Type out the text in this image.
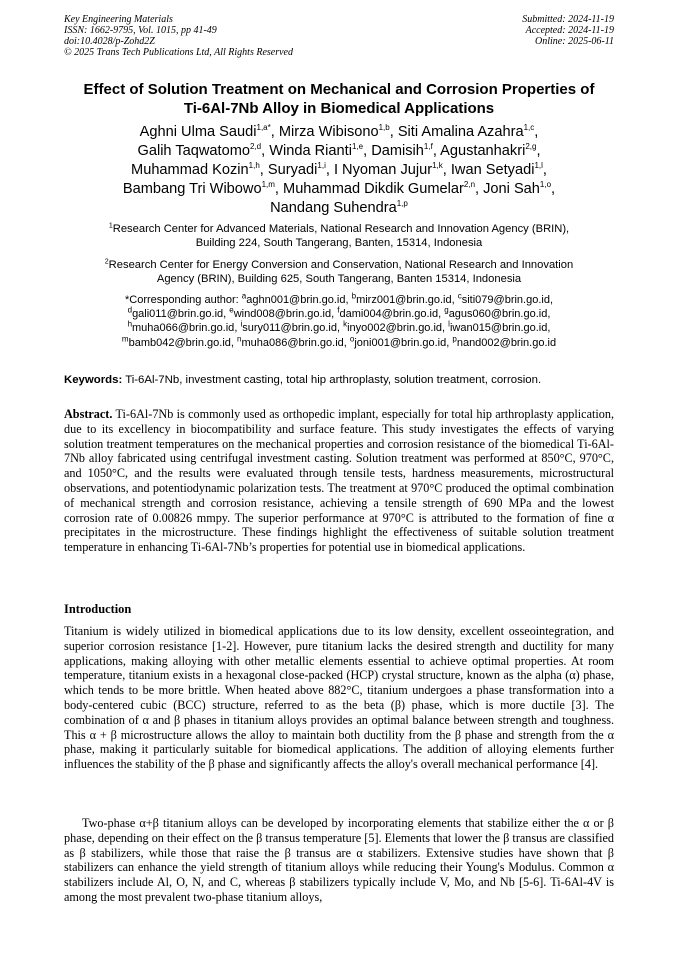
Key Engineering Materials
ISSN: 1662-9795, Vol. 1015, pp 41-49
doi:10.4028/p-Zohd2Z
© 2025 Trans Tech Publications Ltd, All Rights Reserved
Submitted: 2024-11-19
Accepted: 2024-11-19
Online: 2025-06-11
Effect of Solution Treatment on Mechanical and Corrosion Properties of
Ti-6Al-7Nb Alloy in Biomedical Applications
Aghni Ulma Saudi$^{1,a*}$, Mirza Wibisono$^{1,b}$, Siti Amalina Azahra$^{1,c}$,
Galih Taqwatomo$^{2,d}$, Winda Rianti$^{1,e}$, Damisih$^{1,f}$, Agustanhakri$^{2,g}$,
Muhammad Kozin$^{1,h}$, Suryadi$^{1,i}$, I Nyoman Jujur$^{1,k}$, Iwan Setyadi$^{1,l}$,
Bambang Tri Wibowo$^{1,m}$, Muhammad Dikdik Gumelar$^{2,n}$, Joni Sah$^{1,o}$,
Nandang Suhendra$^{1,p}$
$^1$Research Center for Advanced Materials, National Research and Innovation Agency (BRIN),
Building 224, South Tangerang, Banten, 15314, Indonesia
$^2$Research Center for Energy Conversion and Conservation, National Research and Innovation
Agency (BRIN), Building 625, South Tangerang, Banten 15314, Indonesia
*Corresponding author: $^a$aghn001@brin.go.id, $^b$mirz001@brin.go.id, $^c$siti079@brin.go.id,
$^d$gali011@brin.go.id, $^e$wind008@brin.go.id, $^f$dami004@brin.go.id, $^g$agus060@brin.go.id,
$^h$muha066@brin.go.id, $^i$sury011@brin.go.id, $^k$inyo002@brin.go.id, $^l$iwan015@brin.go.id,
$^m$bamb042@brin.go.id, $^n$muha086@brin.go.id, $^o$joni001@brin.go.id, $^p$nand002@brin.go.id
Keywords: Ti-6Al-7Nb, investment casting, total hip arthroplasty, solution treatment, corrosion.
Abstract. Ti-6Al-7Nb is commonly used as orthopedic implant, especially for total hip arthroplasty application, due to its excellency in biocompatibility and surface feature. This study investigates the effects of varying solution treatment temperatures on the mechanical properties and corrosion resistance of the biomedical Ti-6Al-7Nb alloy fabricated using centrifugal investment casting. Solution treatment was performed at 850°C, 970°C, and 1050°C, and the results were evaluated through tensile tests, hardness measurements, microstructural observations, and potentiodynamic polarization tests. The treatment at 970°C produced the optimal combination of mechanical strength and corrosion resistance, achieving a tensile strength of 690 MPa and the lowest corrosion rate of 0.00826 mmpy. The superior performance at 970°C is attributed to the formation of fine α precipitates in the microstructure. These findings highlight the effectiveness of suitable solution treatment temperature in enhancing Ti-6Al-7Nb’s properties for potential use in biomedical applications.
Introduction
Titanium is widely utilized in biomedical applications due to its low density, excellent osseointegration, and superior corrosion resistance [1-2]. However, pure titanium lacks the desired strength and ductility for many applications, making alloying with other metallic elements essential to achieve optimal properties. At room temperature, titanium exists in a hexagonal close-packed (HCP) crystal structure, known as the alpha (α) phase, which tends to be more brittle. When heated above 882°C, titanium undergoes a phase transformation into a body-centered cubic (BCC) structure, referred to as the beta (β) phase, which is more ductile [3]. The combination of α and β phases in titanium alloys provides an optimal balance between strength and toughness. This α + β microstructure allows the alloy to maintain both ductility from the β phase and strength from the α phase, making it particularly suitable for biomedical applications. The addition of alloying elements further influences the stability of the β phase and significantly affects the alloy's overall mechanical performance [4].
Two-phase α+β titanium alloys can be developed by incorporating elements that stabilize either the α or β phase, depending on their effect on the β transus temperature [5]. Elements that lower the β transus are classified as β stabilizers, while those that raise the β transus are α stabilizers. Extensive studies have shown that β stabilizers can enhance the yield strength of titanium alloys while reducing their Young's Modulus. Common α stabilizers include Al, O, N, and C, whereas β stabilizers typically include V, Mo, and Nb [5-6]. Ti-6Al-4V is among the most prevalent two-phase titanium alloys,
